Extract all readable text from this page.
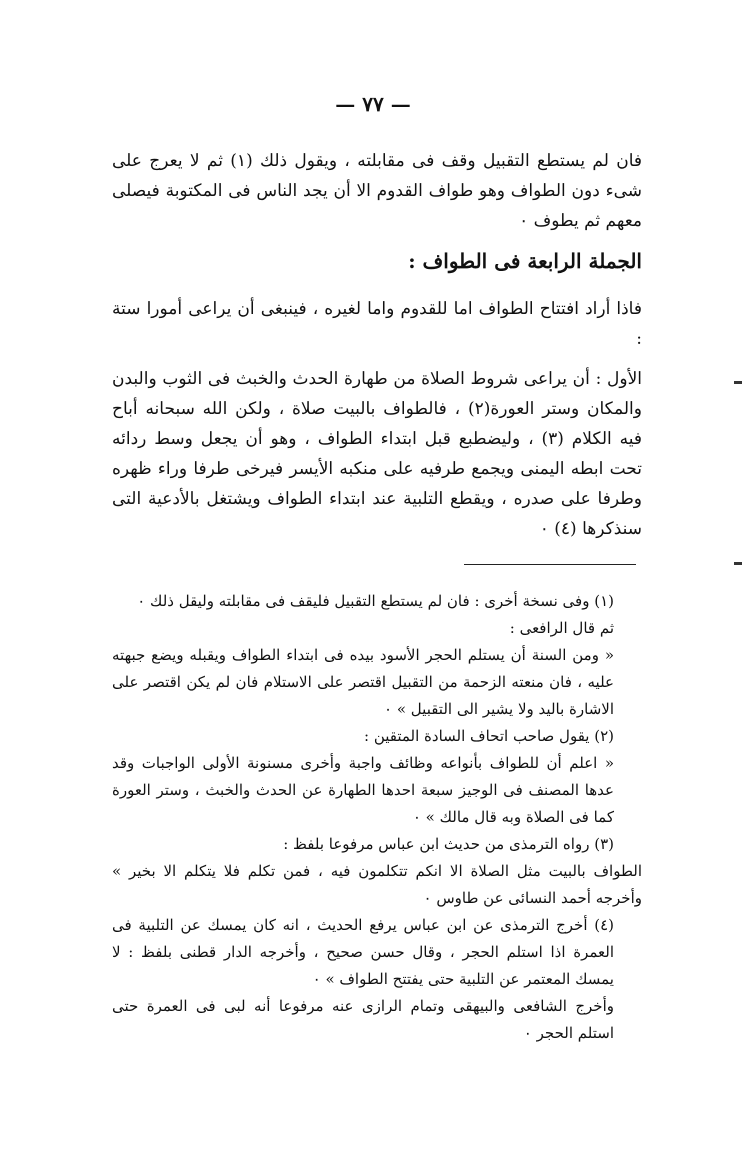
— ٧٧ —

فان لم يستطع التقبيل وقف فى مقابلته ، ويقول ذلك (١) ثم لا يعرج على شىء دون الطواف وهو طواف القدوم الا أن يجد الناس فى المكتوبة فيصلى معهم ثم يطوف ٠

الجملة الرابعة فى الطواف :

فاذا أراد افتتاح الطواف اما للقدوم واما لغيره ، فينبغى أن يراعى أمورا ستة :

الأول : أن يراعى شروط الصلاة من طهارة الحدث والخبث فى الثوب والبدن والمكان وستر العورة(٢) ، فالطواف بالبيت صلاة ، ولكن الله سبحانه أباح فيه الكلام (٣) ، وليضطبع قبل ابتداء الطواف ، وهو أن يجعل وسط ردائه تحت ابطه اليمنى ويجمع طرفيه على منكبه الأيسر فيرخى طرفا وراء ظهره وطرفا على صدره ، ويقطع التلبية عند ابتداء الطواف ويشتغل بالأدعية التى سنذكرها (٤) ٠

(١) وفى نسخة أخرى : فان لم يستطع التقبيل فليقف فى مقابلته وليقل ذلك ٠

ثم قال الرافعى :

« ومن السنة أن يستلم الحجر الأسود بيده فى ابتداء الطواف ويقبله ويضع جبهته عليه ، فان منعته الزحمة من التقبيل اقتصر على الاستلام فان لم يكن اقتصر على الاشارة باليد ولا يشير الى التقبيل » ٠

(٢) يقول صاحب اتحاف السادة المتقين :

« اعلم أن للطواف بأنواعه وظائف واجبة وأخرى مسنونة الأولى الواجبات وقد عدها المصنف فى الوجيز سبعة احدها الطهارة عن الحدث والخبث ، وستر العورة كما فى الصلاة وبه قال مالك » ٠

(٣) رواه الترمذى من حديث ابن عباس مرفوعا بلفظ :

الطواف بالبيت مثل الصلاة الا انكم تتكلمون فيه ، فمن تكلم فلا يتكلم الا بخير » وأخرجه أحمد النسائى عن طاوس ٠

(٤) أخرج الترمذى عن ابن عباس يرفع الحديث ، انه كان يمسك عن التلبية فى العمرة اذا استلم الحجر ، وقال حسن صحيح ، وأخرجه الدار قطنى بلفظ : لا يمسك المعتمر عن التلبية حتى يفتتح الطواف » ٠

وأخرج الشافعى والبيهقى وتمام الرازى عنه مرفوعا أنه لبى فى العمرة حتى استلم الحجر ٠
